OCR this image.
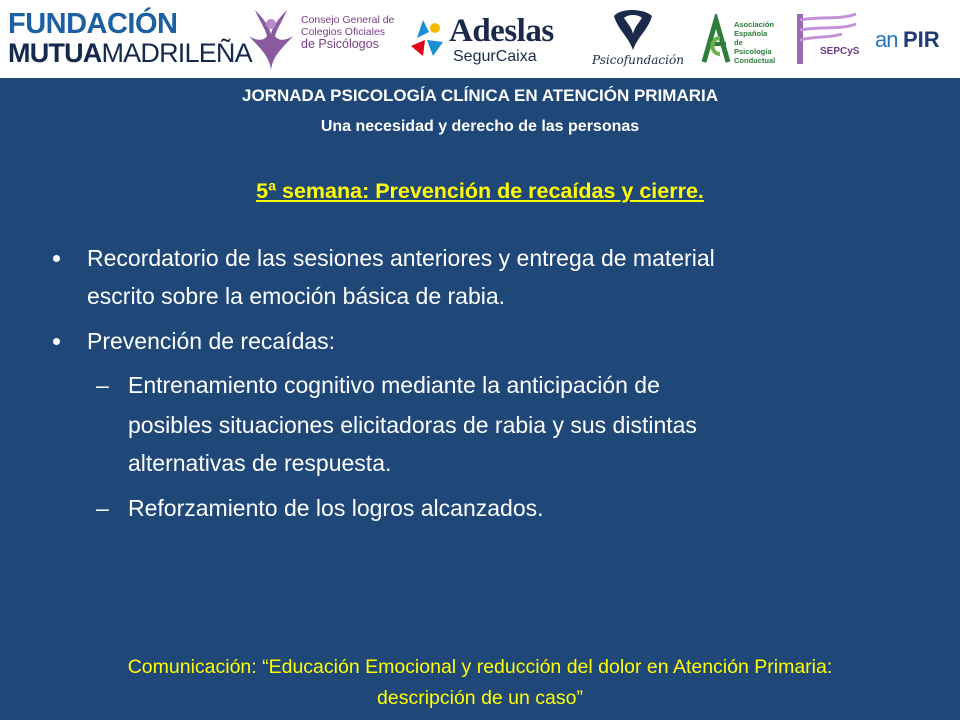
FUNDACIÓN
MUTUAMADRILEÑA
Consejo General de
Colegios Oficiales
de Psicólogos Adeslas
SegurCaixa	Psicofundación
Asociación
Española
de
Psicología
Conductual
SEPCyS an PIR
JORNADA PSICOLOGÍA CLÍNICA EN ATENCIÓN PRIMARIA
Una necesidad y derecho de las personas
5ª semana: Prevención de recaídas y cierre.

Recordatorio de las sesiones anteriores y entrega de material

escrito sobre la emoción básica de rabia.

Prevención de recaídas:

– Entrenamiento cognitivo mediante la anticipación de

posibles situaciones elicitadoras de rabia y sus distintas

alternativas de respuesta.

– Reforzamiento de los logros alcanzados.

Comunicación: “Educación Emocional y reducción del dolor en Atención Primaria:
descripción de un caso”
